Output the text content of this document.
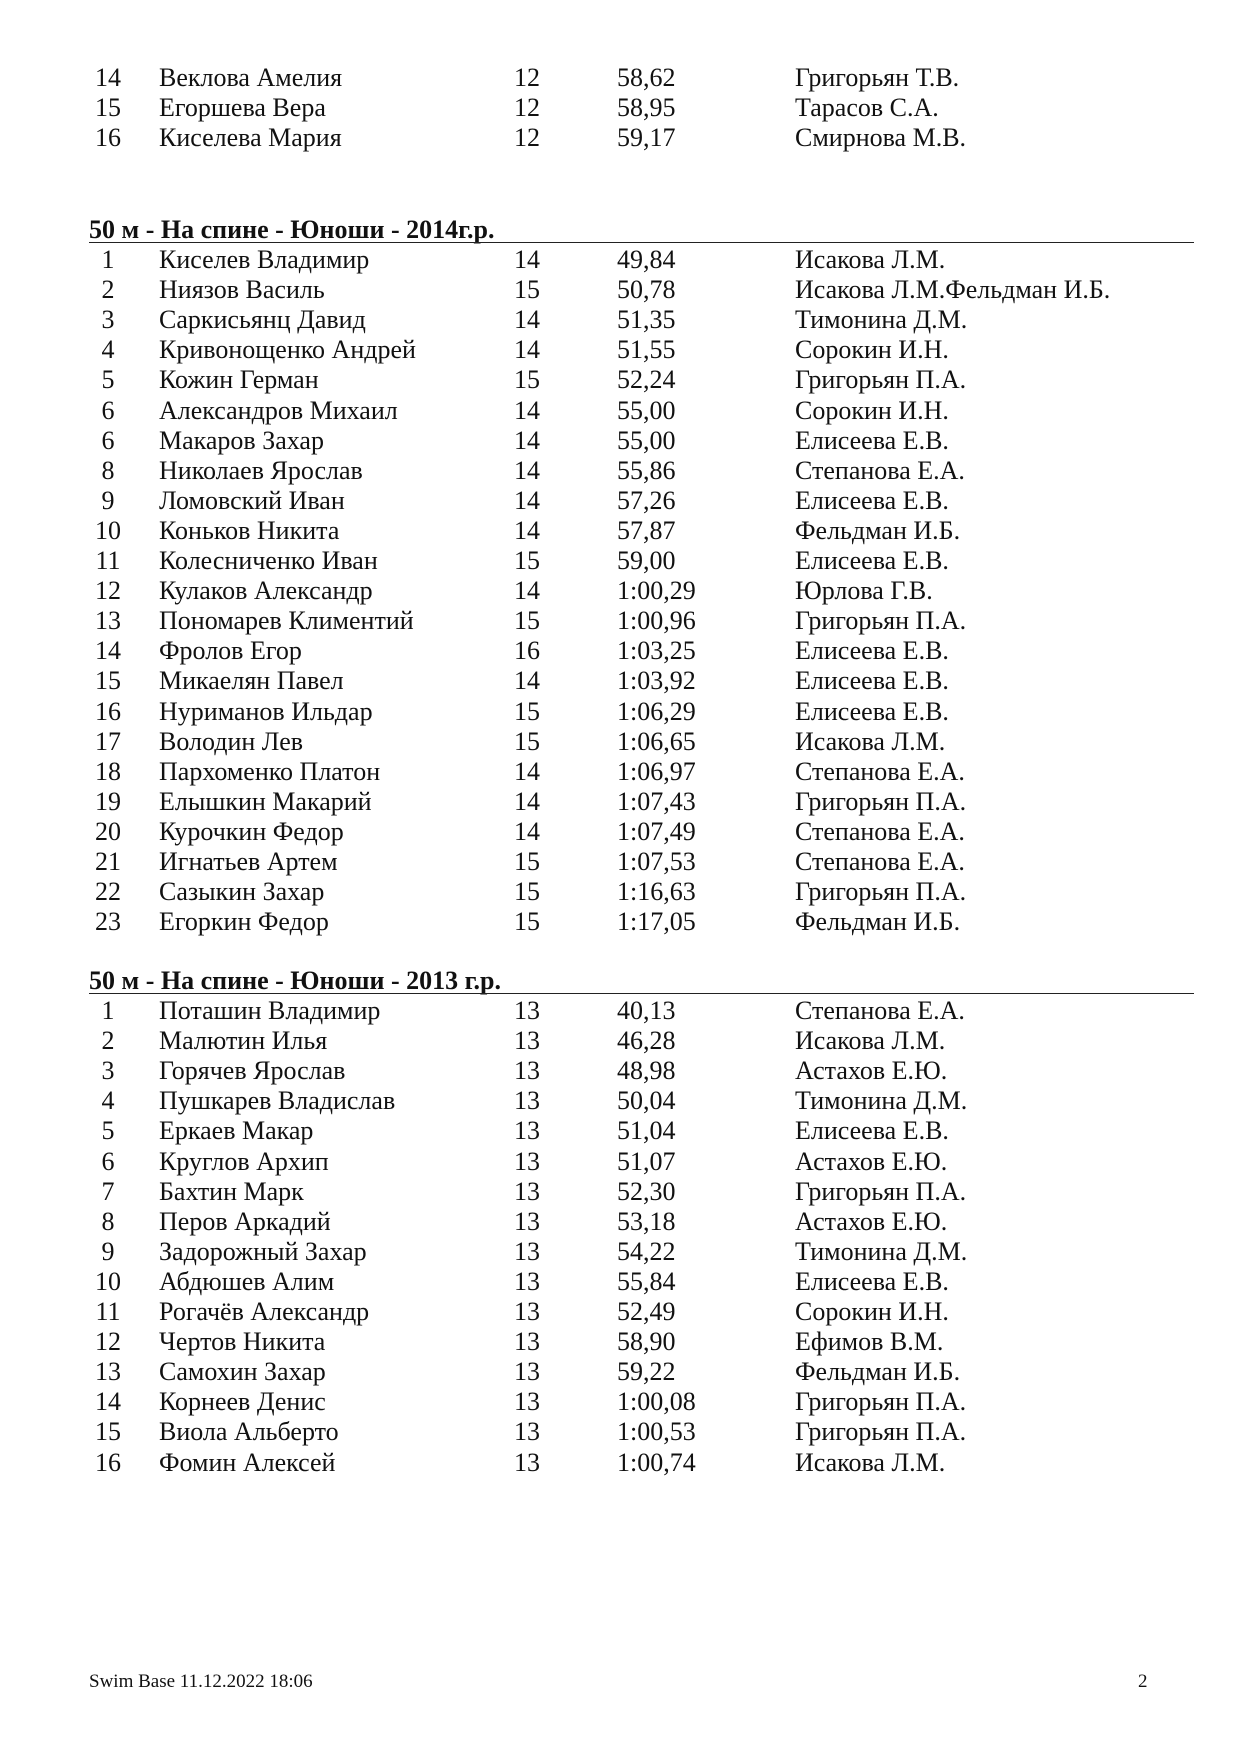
14	Веклова Амелия	12	58,62	Григорьян Т.В.
15	Егоршева Вера	12	58,95	Тарасов С.А.
16	Киселева Мария	12	59,17	Смирнова М.В.
50 м - На спине - Юноши - 2014г.р.
1	Киселев Владимир	14	49,84	Исакова Л.М.
2	Ниязов Василь	15	50,78	Исакова Л.М.Фельдман И.Б.
3	Саркисьянц Давид	14	51,35	Тимонина Д.М.
4	Кривонощенко Андрей	14	51,55	Сорокин И.Н.
5	Кожин Герман	15	52,24	Григорьян П.А.
6	Александров Михаил	14	55,00	Сорокин И.Н.
6	Макаров Захар	14	55,00	Елисеева Е.В.
8	Николаев Ярослав	14	55,86	Степанова Е.А.
9	Ломовский Иван	14	57,26	Елисеева Е.В.
10	Коньков Никита	14	57,87	Фельдман И.Б.
11	Колесниченко Иван	15	59,00	Елисеева Е.В.
12	Кулаков Александр	14	1:00,29	Юрлова Г.В.
13	Пономарев Климентий	15	1:00,96	Григорьян П.А.
14	Фролов Егор	16	1:03,25	Елисеева Е.В.
15	Микаелян Павел	14	1:03,92	Елисеева Е.В.
16	Нуриманов Ильдар	15	1:06,29	Елисеева Е.В.
17	Володин Лев	15	1:06,65	Исакова Л.М.
18	Пархоменко Платон	14	1:06,97	Степанова Е.А.
19	Елышкин Макарий	14	1:07,43	Григорьян П.А.
20	Курочкин Федор	14	1:07,49	Степанова Е.А.
21	Игнатьев Артем	15	1:07,53	Степанова Е.А.
22	Сазыкин Захар	15	1:16,63	Григорьян П.А.
23	Егоркин Федор	15	1:17,05	Фельдман И.Б.
50 м - На спине - Юноши - 2013 г.р.
1	Поташин Владимир	13	40,13	Степанова Е.А.
2	Малютин Илья	13	46,28	Исакова Л.М.
3	Горячев Ярослав	13	48,98	Астахов Е.Ю.
4	Пушкарев Владислав	13	50,04	Тимонина Д.М.
5	Еркаев Макар	13	51,04	Елисеева Е.В.
6	Круглов Архип	13	51,07	Астахов Е.Ю.
7	Бахтин Марк	13	52,30	Григорьян П.А.
8	Перов Аркадий	13	53,18	Астахов Е.Ю.
9	Задорожный Захар	13	54,22	Тимонина Д.М.
10	Абдюшев Алим	13	55,84	Елисеева Е.В.
11	Рогачёв Александр	13	52,49	Сорокин И.Н.
12	Чертов Никита	13	58,90	Ефимов В.М.
13	Самохин Захар	13	59,22	Фельдман И.Б.
14	Корнеев Денис	13	1:00,08	Григорьян П.А.
15	Виола Альберто	13	1:00,53	Григорьян П.А.
16	Фомин Алексей	13	1:00,74	Исакова Л.М.
Swim Base 11.12.2022 18:06	2
